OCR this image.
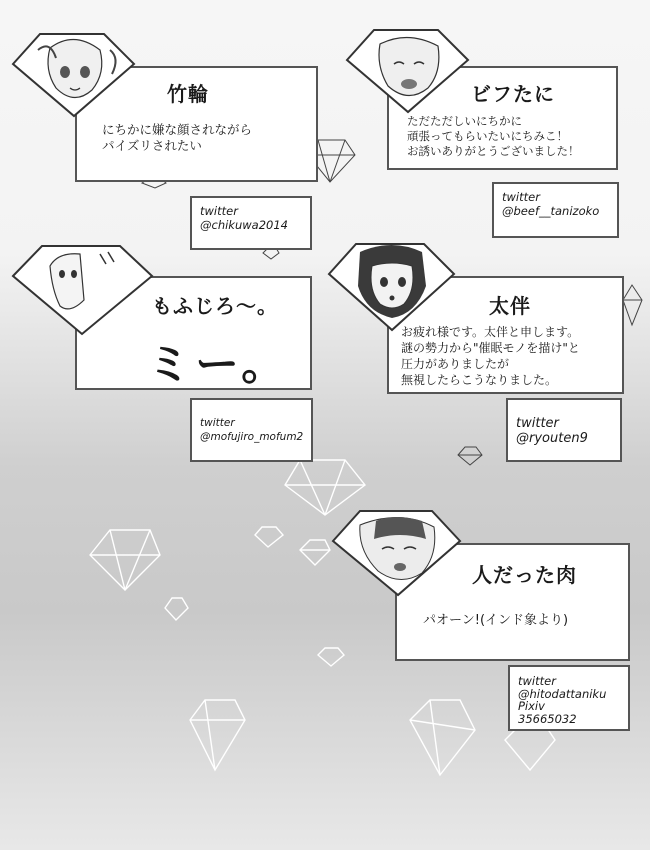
竹輪
にちかに嫌な顔されながら
パイズリされたい
twitter
@chikuwa2014
ビフたに
ただただしいにちかに
頑張ってもらいたいにちみこ！
お誘いありがとうございました！
twitter
@beef__tanizoko
もふじろ〜。
ミー。
twitter
@mofujiro_mofum2
太伴
お疲れ様です。太伴と申します。
謎の勢力から"催眠モノを描け"と
圧力がありましたが
無視したらこうなりました。
twitter
@ryouten9
人だった肉
パオーン!(インド象より)
twitter
@hitodattaniku
Pixiv
35665032
